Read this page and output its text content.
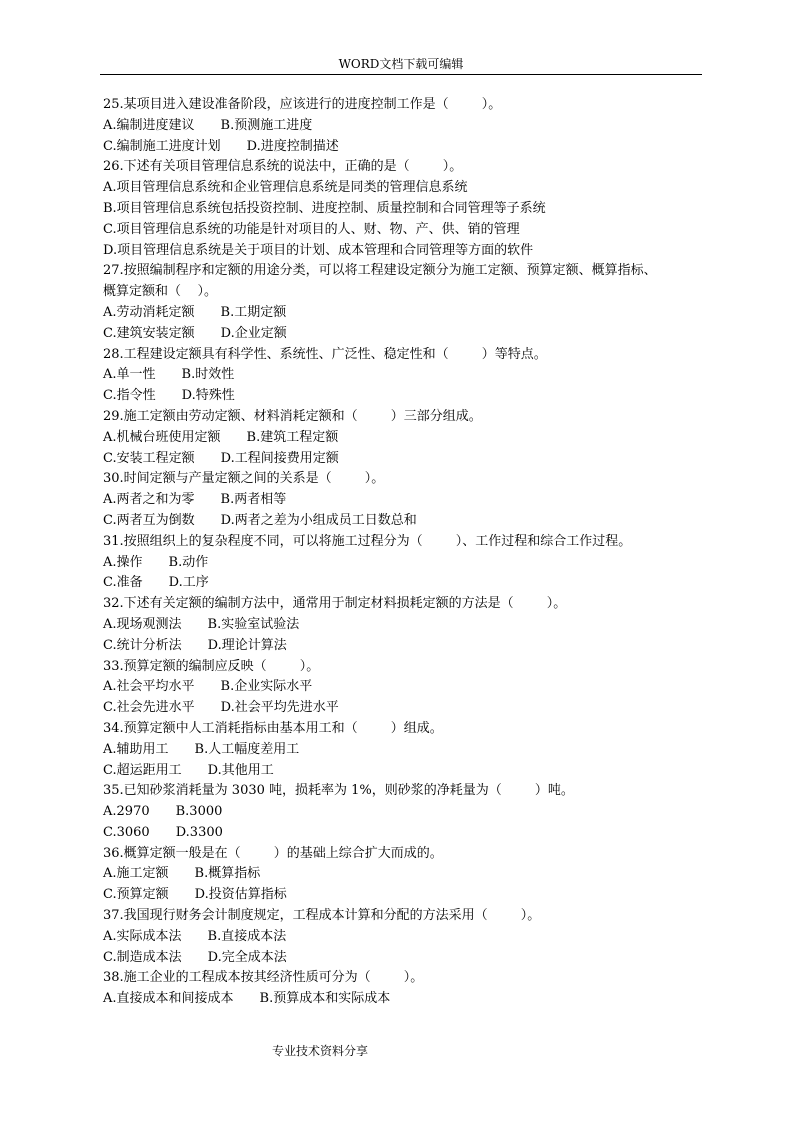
WORD文档下载可编辑
25.某项目进入建设准备阶段，应该进行的进度控制工作是（        ）。
A.编制进度建议 B.预测施工进度
C.编制施工进度计划 D.进度控制描述
26.下述有关项目管理信息系统的说法中，正确的是（        ）。
A.项目管理信息系统和企业管理信息系统是同类的管理信息系统
B.项目管理信息系统包括投资控制、进度控制、质量控制和合同管理等子系统
C.项目管理信息系统的功能是针对项目的人、财、物、产、供、销的管理
D.项目管理信息系统是关于项目的计划、成本管理和合同管理等方面的软件
27.按照编制程序和定额的用途分类，可以将工程建设定额分为施工定额、预算定额、概算指标、
概算定额和（    ）。
A.劳动消耗定额 B.工期定额
C.建筑安装定额 D.企业定额
28.工程建设定额具有科学性、系统性、广泛性、稳定性和（        ）等特点。
A.单一性 B.时效性
C.指令性 D.特殊性
29.施工定额由劳动定额、材料消耗定额和（        ）三部分组成。
A.机械台班使用定额 B.建筑工程定额
C.安装工程定额 D.工程间接费用定额
30.时间定额与产量定额之间的关系是（        ）。
A.两者之和为零 B.两者相等
C.两者互为倒数 D.两者之差为小组成员工日数总和
31.按照组织上的复杂程度不同，可以将施工过程分为（        ）、工作过程和综合工作过程。
A.操作 B.动作
C.准备 D.工序
32.下述有关定额的编制方法中，通常用于制定材料损耗定额的方法是（        ）。
A.现场观测法 B.实验室试验法
C.统计分析法 D.理论计算法
33.预算定额的编制应反映（        ）。
A.社会平均水平 B.企业实际水平
C.社会先进水平 D.社会平均先进水平
34.预算定额中人工消耗指标由基本用工和（        ）组成。
A.辅助用工 B.人工幅度差用工
C.超运距用工 D.其他用工
35.已知砂浆消耗量为 3030 吨，损耗率为 1%，则砂浆的净耗量为（        ）吨。
A.2970 B.3000
C.3060 D.3300
36.概算定额一般是在（        ）的基础上综合扩大而成的。
A.施工定额 B.概算指标
C.预算定额 D.投资估算指标
37.我国现行财务会计制度规定，工程成本计算和分配的方法采用（        ）。
A.实际成本法 B.直接成本法
C.制造成本法 D.完全成本法
38.施工企业的工程成本按其经济性质可分为（        ）。
A.直接成本和间接成本 B.预算成本和实际成本
专业技术资料分享
